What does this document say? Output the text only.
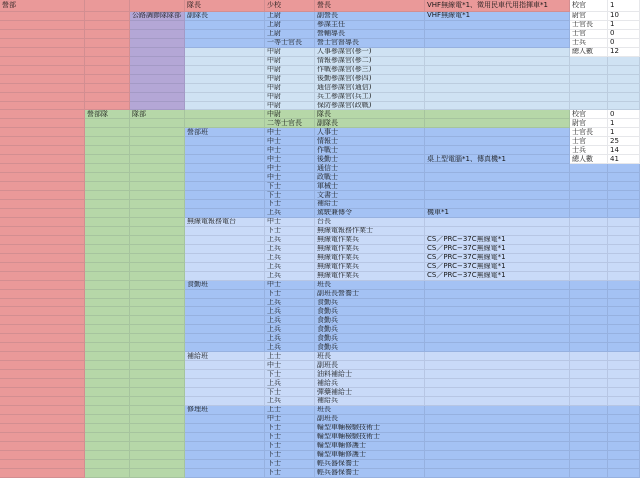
營部			隊長	少校	營長	VHF無線電*1、徵用民車代用指揮車*1	校官	1
		公路調節隊隊部	副隊長	上尉	副營長	VHF無線電*1	尉官	10
				上尉	參謀主任		士官長	1
				上尉	營輔導長		士官	0
				一等士官長	營士官督導長		士兵	0
				中尉	人事參謀官(參一)		總人數	12
				中尉	情報參謀官(參二)			
				中尉	作戰參謀官(參三)			
				中尉	後勤參謀官(參四)			
				中尉	通信參謀官(通信)			
				中尉	兵工參謀官(兵工)			
				中尉	保防參謀官(政戰)			
	營部隊	隊部		中尉	隊長		校官	0
				二等士官長	副隊長		尉官	1
			營部班	中士	人事士		士官長	1
				中士	情報士		士官	25
				中士	作戰士		士兵	14
				中士	後勤士	桌上型電腦*1、傳真機*1	總人數	41
				中士	通信士			
				中士	政戰士			
				下士	軍械士			
				下士	文書士			
				下士	補給士			
				上兵	駕駛兼傳令	機車*1		
			無線電報務電台	中士	台長			
				下士	無線電報務作業士			
				上兵	無線電作業兵	CS／PRC−37C無線電*1		
				上兵	無線電作業兵	CS／PRC−37C無線電*1		
				上兵	無線電作業兵	CS／PRC−37C無線電*1		
				上兵	無線電作業兵	CS／PRC−37C無線電*1		
				上兵	無線電作業兵	CS／PRC−37C無線電*1		
			食勤班	中士	班長			
				下士	副班長營養士			
				上兵	食勤兵			
				上兵	食勤兵			
				上兵	食勤兵			
				上兵	食勤兵			
				上兵	食勤兵			
				上兵	食勤兵			
			補給班	上士	班長			
				中士	副班長			
				下士	油料補給士			
				上兵	補給兵			
				下士	彈藥補給士			
				上兵	補給兵			
			修理班	上士	班長			
				中士	副班長			
				下士	輪型車輛檢驗技術士			
				下士	輪型車輛檢驗技術士			
				下士	輪型車輛修護士			
				下士	輪型車輛修護士			
				下士	輕兵器保養士			
				下士	輕兵器保養士			
